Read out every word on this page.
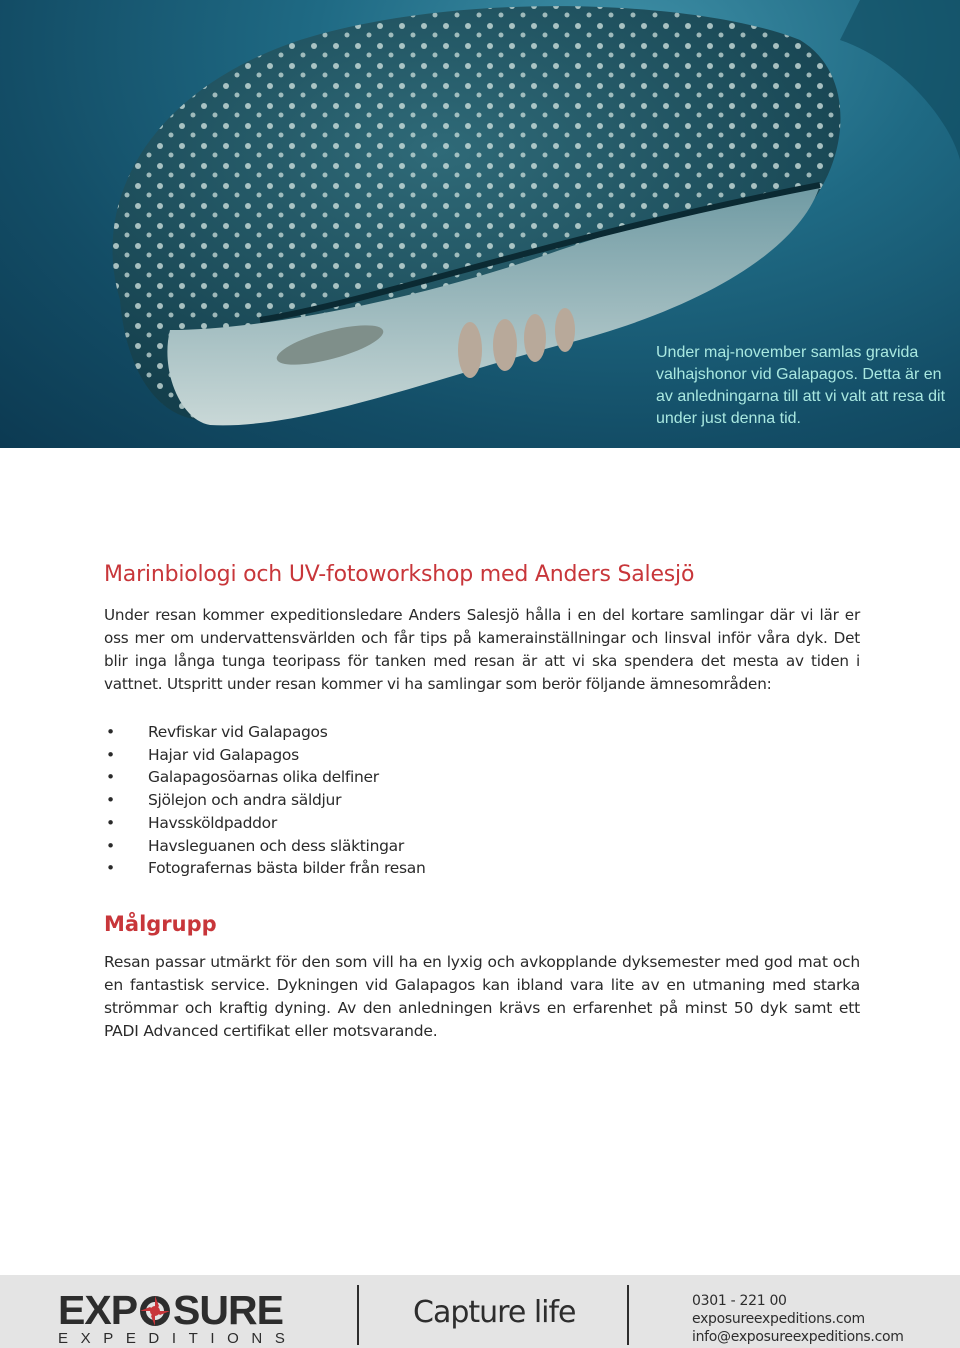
Under maj-november samlas gravida valhajshonor vid Galapagos. Detta är en av anledningarna till att vi valt att resa dit under just denna tid.
Marinbiologi och UV-fotoworkshop med Anders Salesjö

Under resan kommer expeditionsledare Anders Salesjö hålla i en del kortare samlingar där vi lär er oss mer om undervattensvärlden och får tips på kamerainställningar och linsval inför våra dyk. Det blir inga långa tunga teoripass för tanken med resan är att vi ska spendera det mesta av tiden i vattnet. Utspritt under resan kommer vi ha samlingar som berör följande ämnesområden:

• Revfiskar vid Galapagos
• Hajar vid Galapagos
• Galapagosöarnas olika delfiner
• Sjölejon och andra säldjur
• Havssköldpaddor
• Havsleguanen och dess släktingar
• Fotografernas bästa bilder från resan
Målgrupp

Resan passar utmärkt för den som vill ha en lyxig och avkopplande dyksemester med god mat och en fantastisk service. Dykningen vid Galapagos kan ibland vara lite av en utmaning med starka strömmar och kraftig dyning. Av den anledningen krävs en erfarenhet på minst 50 dyk samt ett PADI Advanced certifikat eller motsvarande.

EXP SURE
EXPEDITIONS
Capture life	0301 - 221 00
exposureexpeditions.com
info@exposureexpeditions.com
